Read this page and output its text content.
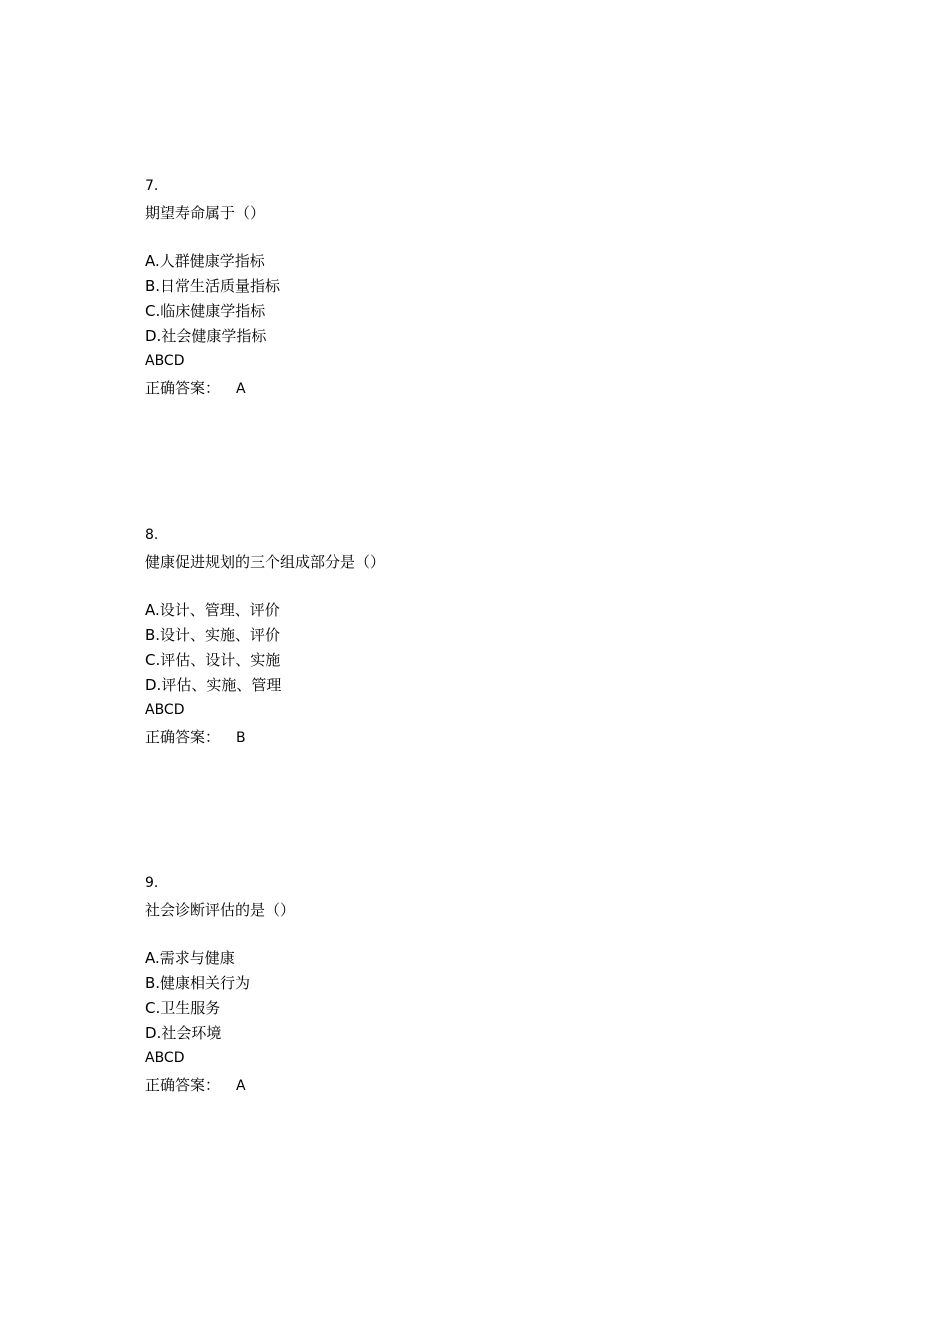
7.
期望寿命属于（）
A.人群健康学指标
B.日常生活质量指标
C.临床健康学指标
D.社会健康学指标
ABCD
正确答案： A
8.
健康促进规划的三个组成部分是（）
A.设计、管理、评价
B.设计、实施、评价
C.评估、设计、实施
D.评估、实施、管理
ABCD
正确答案： B
9.
社会诊断评估的是（）
A.需求与健康
B.健康相关行为
C.卫生服务
D.社会环境
ABCD
正确答案： A
